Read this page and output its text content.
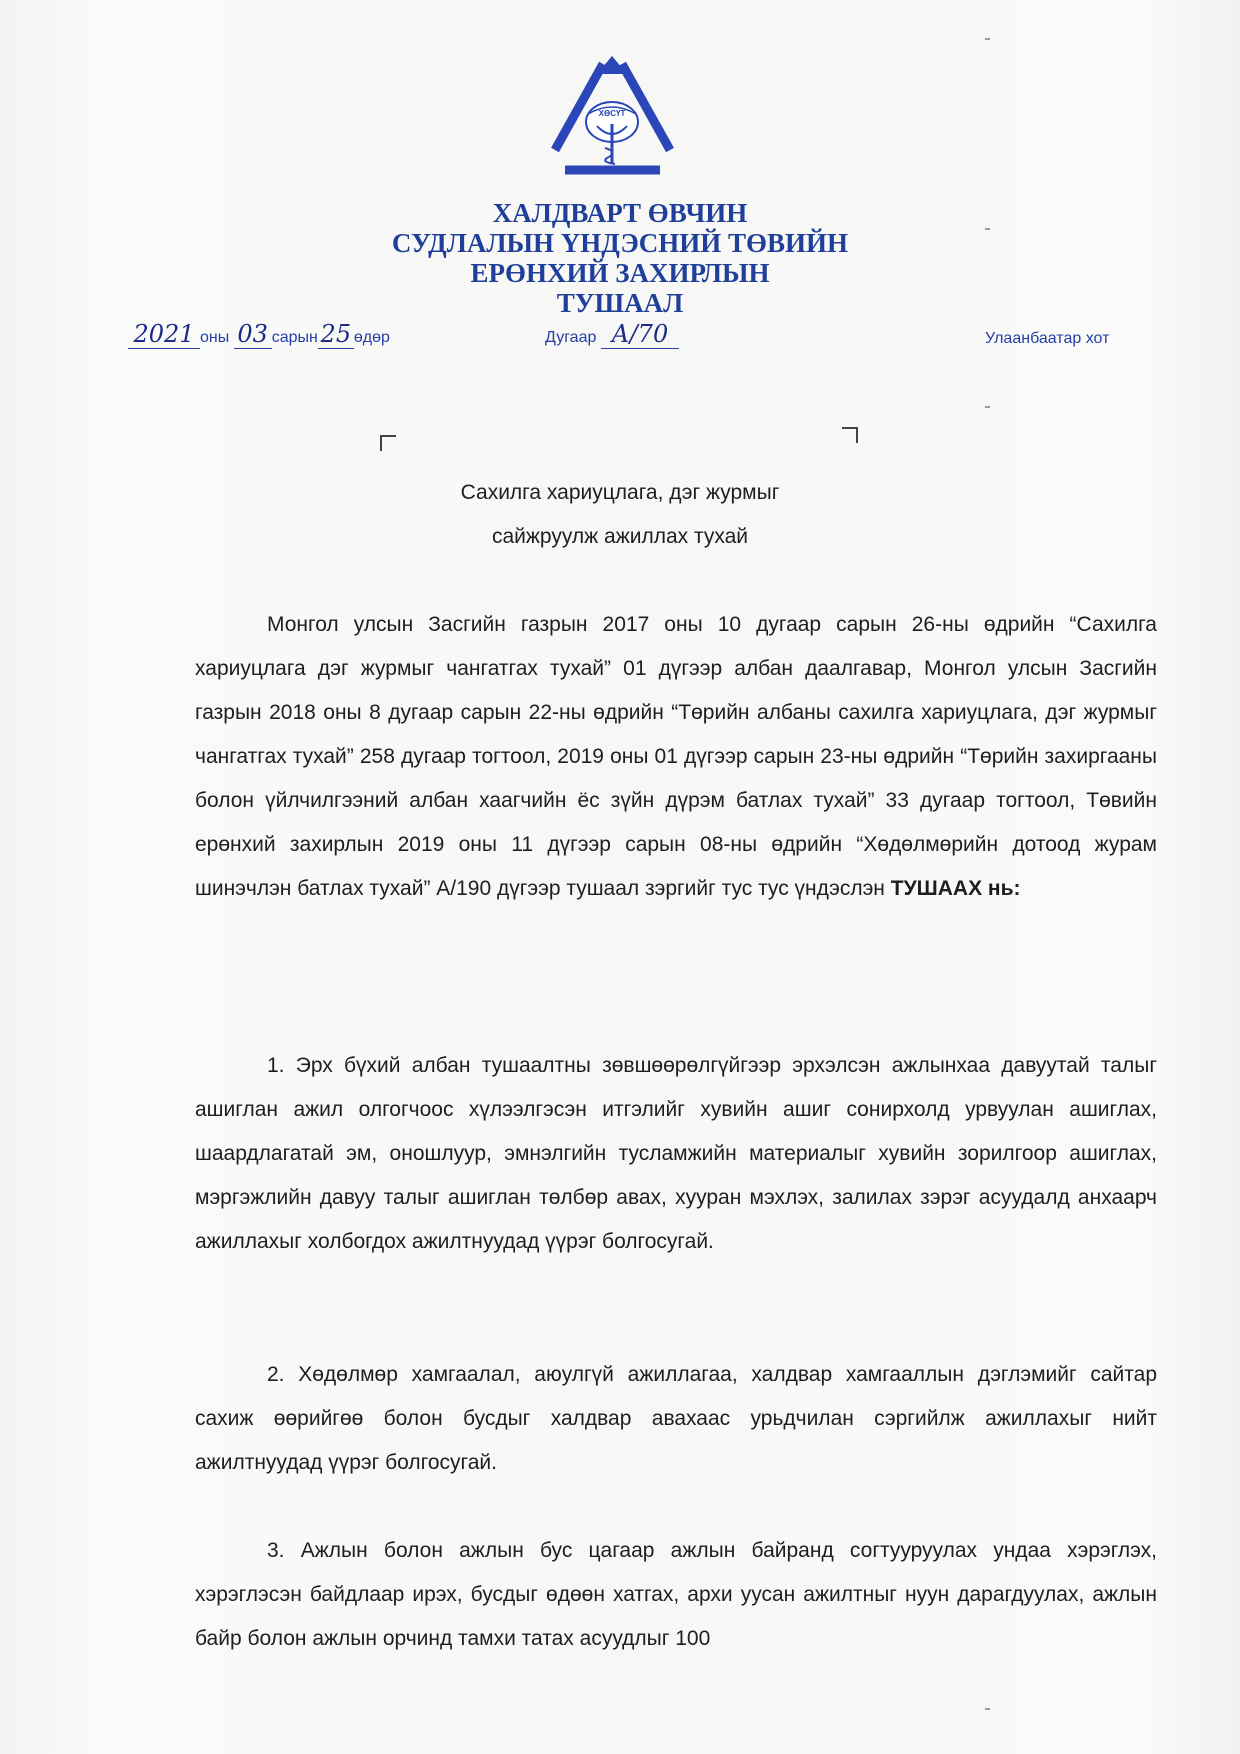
ХӨСҮТ
ХАЛДВАРТ ӨВЧИН
СУДЛАЛЫН ҮНДЭСНИЙ ТӨВИЙН
ЕРӨНХИЙ ЗАХИРЛЫН
ТУШААЛ
2021 оны 03 сарын 25 өдөр	Дугаар А/70	Улаанбаатар хот
Сахилга хариуцлага, дэг журмыг
сайжруулж ажиллах тухай
Монгол улсын Засгийн газрын 2017 оны 10 дугаар сарын 26-ны өдрийн “Сахилга хариуцлага дэг журмыг чангатгах тухай” 01 дүгээр албан даалгавар, Монгол улсын Засгийн газрын 2018 оны 8 дугаар сарын 22-ны өдрийн “Төрийн албаны сахилга хариуцлага, дэг журмыг чангатгах тухай” 258 дугаар тогтоол, 2019 оны 01 дүгээр сарын 23-ны өдрийн “Төрийн захиргааны болон үйлчилгээний албан хаагчийн ёс зүйн дүрэм батлах тухай” 33 дугаар тогтоол, Төвийн ерөнхий захирлын 2019 оны 11 дүгээр сарын 08-ны өдрийн “Хөдөлмөрийн дотоод журам шинэчлэн батлах тухай” А/190 дүгээр тушаал зэргийг тус тус үндэслэн ТУШААХ нь:
1. Эрх бүхий албан тушаалтны зөвшөөрөлгүйгээр эрхэлсэн ажлынхаа давуутай талыг ашиглан ажил олгогчоос хүлээлгэсэн итгэлийг хувийн ашиг сонирхолд урвуулан ашиглах, шаардлагатай эм, оношлуур, эмнэлгийн тусламжийн материалыг хувийн зорилгоор ашиглах, мэргэжлийн давуу талыг ашиглан төлбөр авах, хууран мэхлэх, залилах зэрэг асуудалд анхаарч ажиллахыг холбогдох ажилтнуудад үүрэг болгосугай.
2. Хөдөлмөр хамгаалал, аюулгүй ажиллагаа, халдвар хамгааллын дэглэмийг сайтар сахиж өөрийгөө болон бусдыг халдвар авахаас урьдчилан сэргийлж ажиллахыг нийт ажилтнуудад үүрэг болгосугай.
3. Ажлын болон ажлын бус цагаар ажлын байранд согтууруулах ундаа хэрэглэх, хэрэглэсэн байдлаар ирэх, бусдыг өдөөн хатгах, архи уусан ажилтныг нуун дарагдуулах, ажлын байр болон ажлын орчинд тамхи татах асуудлыг 100
